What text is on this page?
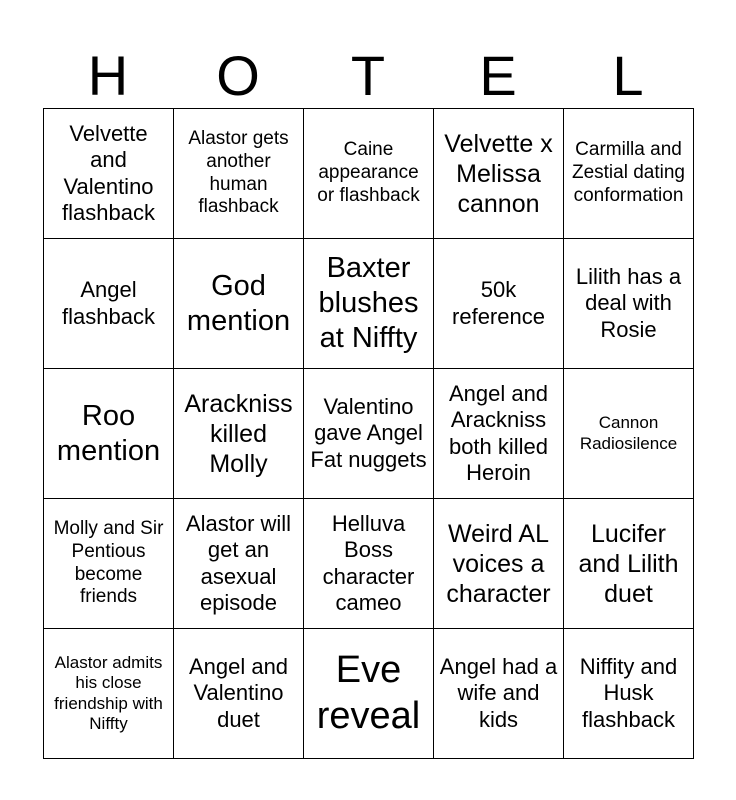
H	O	T	E	L
Velvette and Valentino flashback	Alastor gets another human flashback	Caine appearance or flashback	Velvette x Melissa cannon	Carmilla and Zestial dating conformation
Angel flashback	God mention	Baxter blushes at Niffty	50k reference	Lilith has a deal with Rosie
Roo mention	Arackniss killed Molly	Valentino gave Angel Fat nuggets	Angel and Arackniss both killed Heroin	Cannon Radiosilence
Molly and Sir Pentious become friends	Alastor will get an asexual episode	Helluva Boss character cameo	Weird AL voices a character	Lucifer and Lilith duet
Alastor admits his close friendship with Niffty	Angel and Valentino duet	Eve reveal	Angel had a wife and kids	Niffity and Husk flashback
